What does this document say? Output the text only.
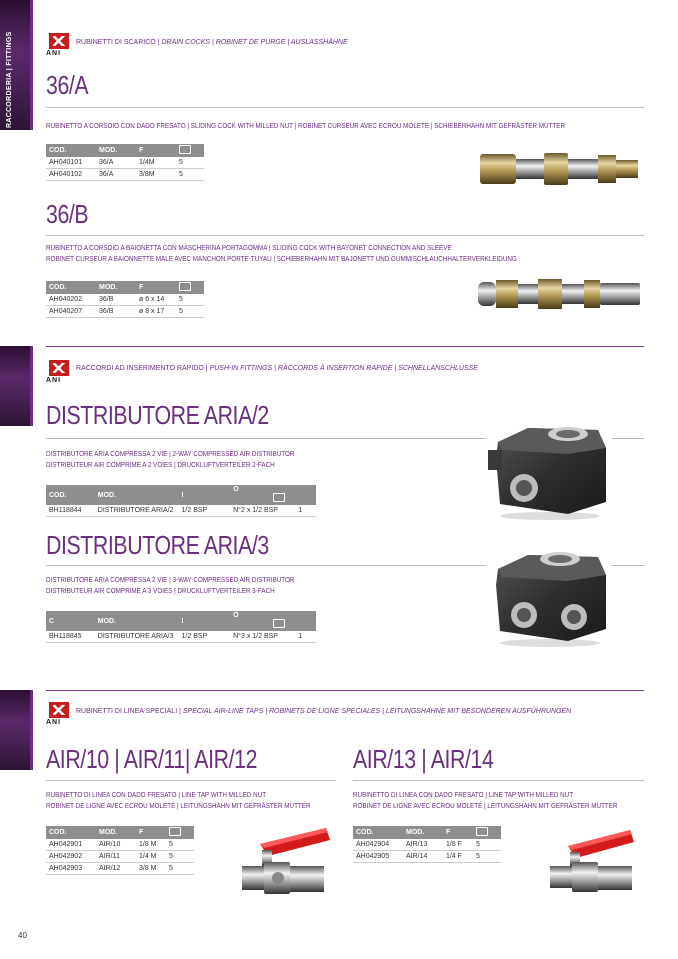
RACCORDERIA | FITTINGS	ANI
RUBINETTI DI SCARICO | DRAIN COCKS | ROBINET DE PURGE | AUSLASSHÄHNE
36/A
RUBINETTO A CORSOIO CON DADO FRESATO | SLIDING COCK WITH MILLED NUT | ROBINET CURSEUR AVEC ECROU MOLETE | SCHIEBERHAHN MIT GEFRÄSTER MUTTER
COD.	MOD.	F	
AH040101	36/A	1/4M	5
AH040102	36/A	3/8M	5
36/B
RUBINETTO A CORSOIO A BAIONETTA CON MASCHERINA PORTAGOMMA | SLIDING COCK WITH BAYONET CONNECTION AND SLEEVE
ROBINET CURSEUR A BAIONNETTE MALE AVEC MANCHON PORTE-TUYAU | SCHIEBERHAHN MIT BAJONETT UND GUMMISCHLAUCHHALTERVERKLEIDUNG
COD.	MOD.	F	
AH040202	36/B	ø 6 x 14	5
AH040207	36/B	ø 8 x 17	5
ANI
RACCORDI AD INSERIMENTO RAPIDO | PUSH-IN FITTINGS | RACCORDS À INSERTION RAPIDE | SCHNELLANSCHLÜSSE
DISTRIBUTORE ARIA/2
DISTRIBUTORE ARIA COMPRESSA 2 VIE | 2-WAY COMPRESSED AIR DISTRIBUTOR
DISTRIBUTEUR AIR COMPRIME A 2 VOIES | DRUCKLUFTVERTEILER 2-FACH
COD.	MOD.	I	O	
BH118844	DISTRIBUTORE ARIA/2	1/2 BSP	N°2 x 1/2 BSP	1
DISTRIBUTORE ARIA/3
DISTRIBUTORE ARIA COMPRESSA 2 VIE | 3-WAY COMPRESSED AIR DISTRIBUTOR
DISTRIBUTEUR AIR COMPRIME A 3 VOIES | DRUCKLUFTVERTEILER 3-FACH
C	MOD.	I	O	
BH118845	DISTRIBUTORE ARIA/3	1/2 BSP	N°3 x 1/2 BSP	1
ANI
RUBINETTI DI LINEA SPECIALI | SPECIAL AIR-LINE TAPS | ROBINETS DE LIGNE SPECIALES | LEITUNGSHÄHNE MIT BESONDEREN AUSFÜHRUNGEN
AIR/10 | AIR/11| AIR/12
RUBINETTO DI LINEA CON DADO FRESATO | LINE TAP WITH MILLED NUT
ROBINET DE LIGNE AVEC ECROU MOLETÉ | LEITUNGSHAHN MIT GEFRÄSTER MUTTER
COD.	MOD.	F	
AH042901	AIR/10	1/8 M	5
AH042902	AIR/11	1/4 M	5
AH042903	AIR/12	3/8 M	5
AIR/13 | AIR/14
RUBINETTO DI LINEA CON DADO FRESATO | LINE TAP WITH MILLED NUT
ROBINET DE LIGNE AVEC ECROU MOLETÉ | LEITUNGSHAHN MIT GEFRÄSTER MUTTER
COD.	MOD.	F	
AH042904	AIR/13	1/8 F	5
AH042905	AIR/14	1/4 F	5
40
